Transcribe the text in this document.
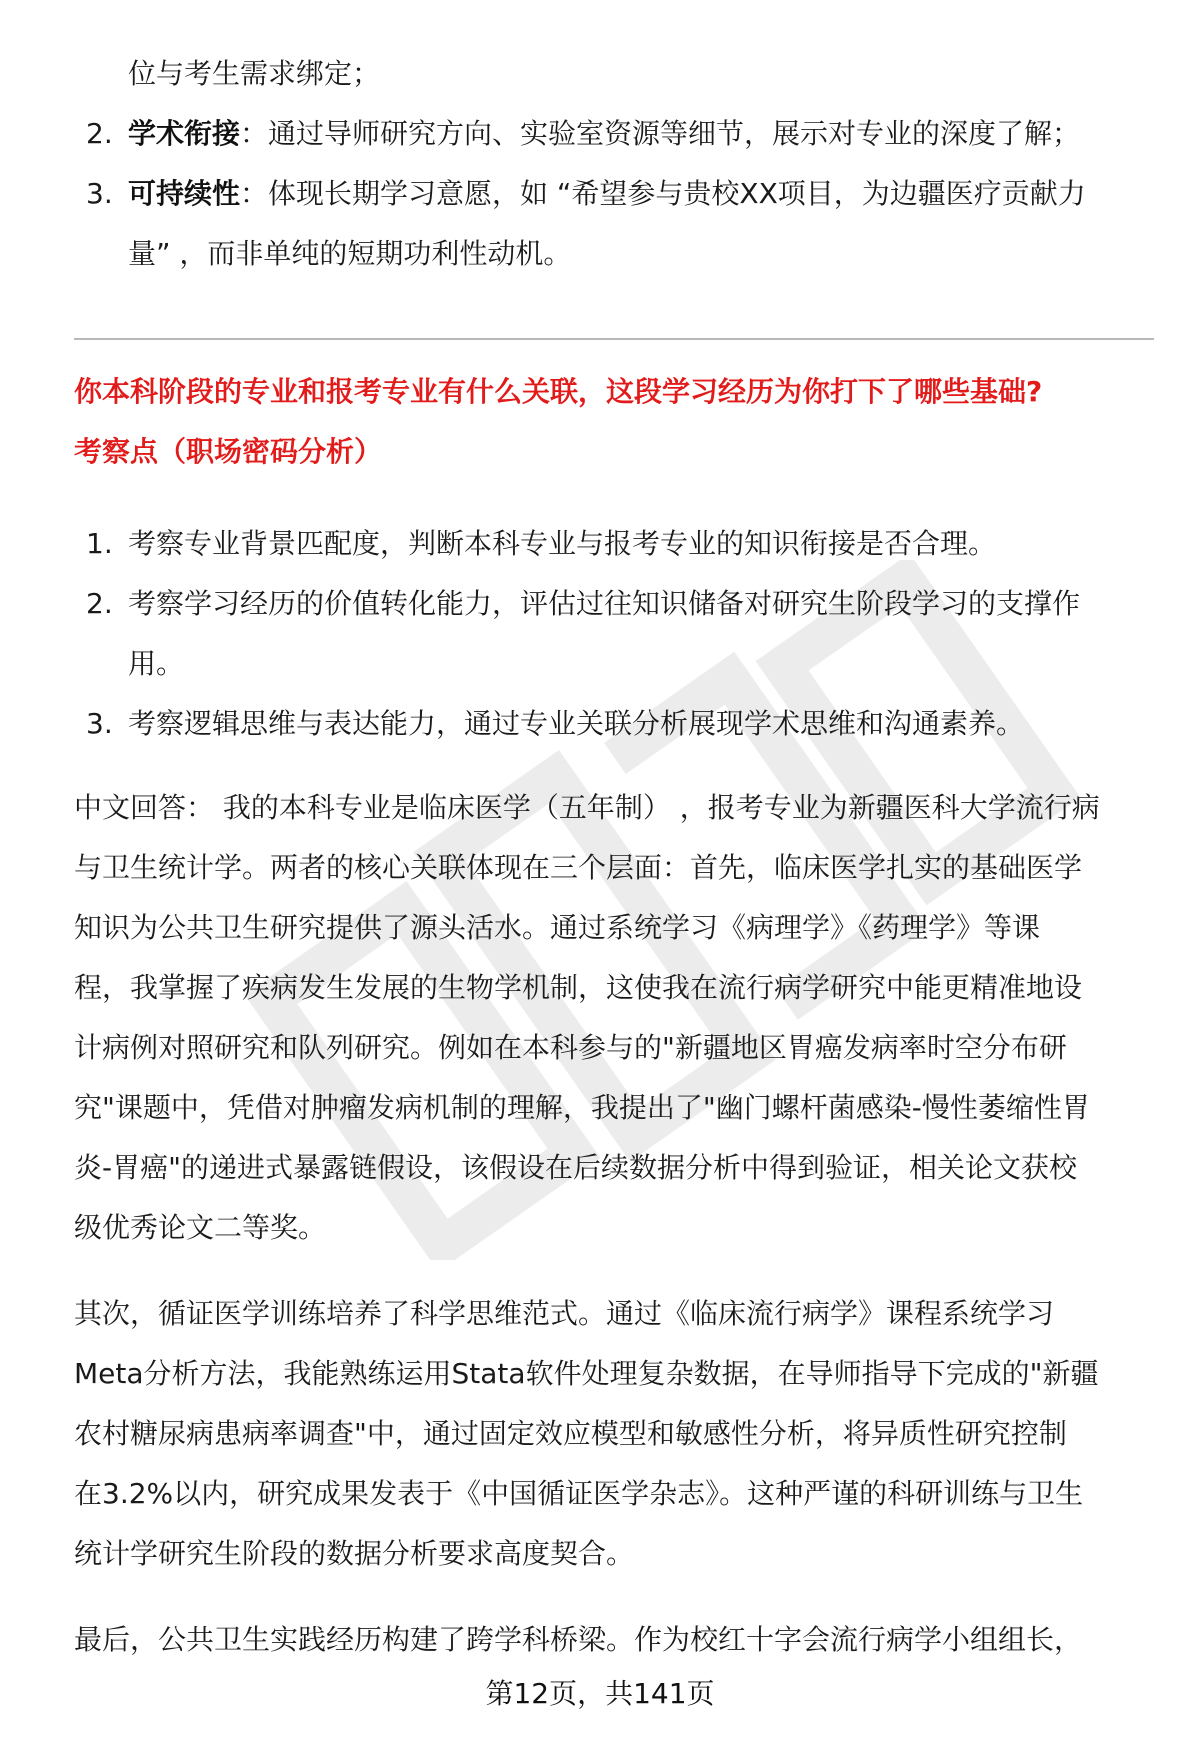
位与考生需求绑定；
2. 学术衔接：通过导师研究方向、实验室资源等细节，展示对专业的深度了解；
3. 可持续性：体现长期学习意愿，如 “希望参与贵校XX项目，为边疆医疗贡献力
量” ，而非单纯的短期功利性动机。
你本科阶段的专业和报考专业有什么关联，这段学习经历为你打下了哪些基础?
考察点（职场密码分析）
1. 考察专业背景匹配度，判断本科专业与报考专业的知识衔接是否合理。
2. 考察学习经历的价值转化能力，评估过往知识储备对研究生阶段学习的支撑作
用。
3. 考察逻辑思维与表达能力，通过专业关联分析展现学术思维和沟通素养。
中文回答： 我的本科专业是临床医学（五年制） ，报考专业为新疆医科大学流行病
与卫生统计学。两者的核心关联体现在三个层面：首先，临床医学扎实的基础医学
知识为公共卫生研究提供了源头活水。通过系统学习《病理学》《药理学》等课
程，我掌握了疾病发生发展的生物学机制，这使我在流行病学研究中能更精准地设
计病例对照研究和队列研究。例如在本科参与的"新疆地区胃癌发病率时空分布研
究"课题中，凭借对肿瘤发病机制的理解，我提出了"幽门螺杆菌感染-慢性萎缩性胃
炎-胃癌"的递进式暴露链假设，该假设在后续数据分析中得到验证，相关论文获校
级优秀论文二等奖。
其次，循证医学训练培养了科学思维范式。通过《临床流行病学》课程系统学习
Meta分析方法，我能熟练运用Stata软件处理复杂数据，在导师指导下完成的"新疆
农村糖尿病患病率调查"中，通过固定效应模型和敏感性分析，将异质性研究控制
在3.2%以内，研究成果发表于《中国循证医学杂志》。这种严谨的科研训练与卫生
统计学研究生阶段的数据分析要求高度契合。
最后，公共卫生实践经历构建了跨学科桥梁。作为校红十字会流行病学小组组长，
第12页，共141页
